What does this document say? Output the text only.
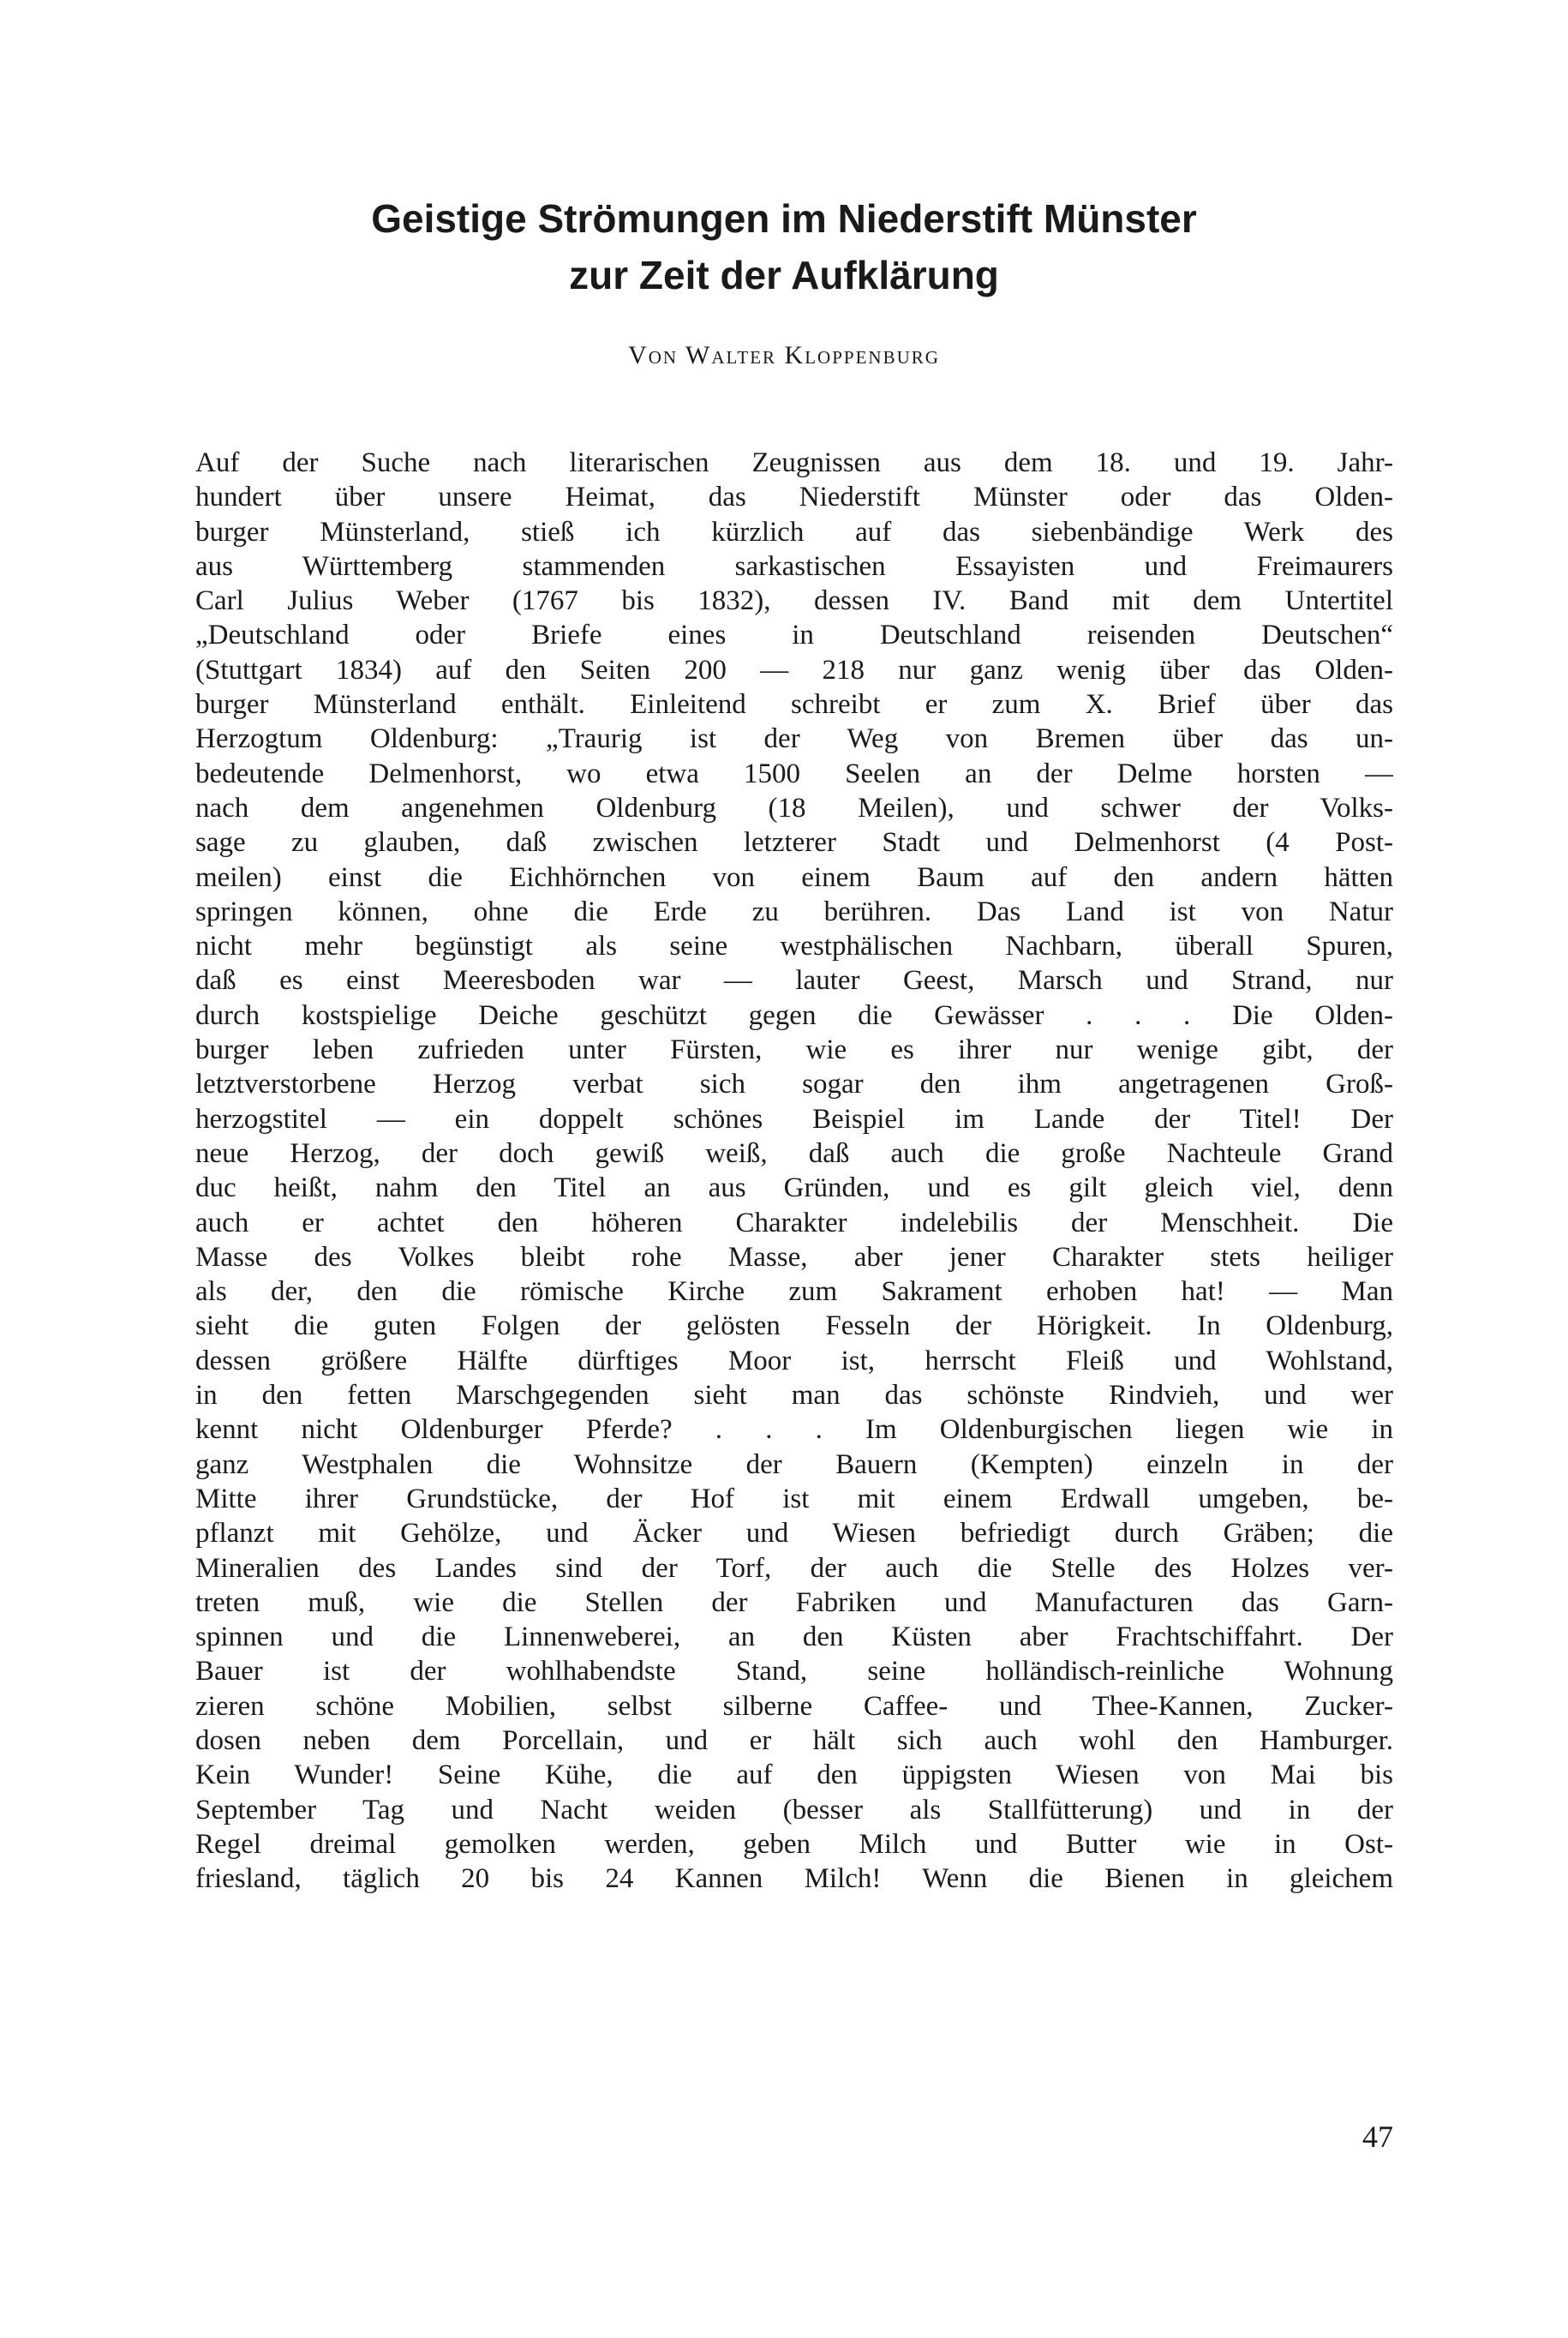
Geistige Strömungen im Niederstift Münster
zur Zeit der Aufklärung

Von Walter Kloppenburg

Auf der Suche nach literarischen Zeugnissen aus dem 18. und 19. Jahr-
hundert über unsere Heimat, das Niederstift Münster oder das Olden-
burger Münsterland, stieß ich kürzlich auf das siebenbändige Werk des
aus Württemberg stammenden sarkastischen Essayisten und Freimaurers
Carl Julius Weber (1767 bis 1832), dessen IV. Band mit dem Untertitel
„Deutschland oder Briefe eines in Deutschland reisenden Deutschen“
(Stuttgart 1834) auf den Seiten 200 — 218 nur ganz wenig über das Olden-
burger Münsterland enthält. Einleitend schreibt er zum X. Brief über das
Herzogtum Oldenburg: „Traurig ist der Weg von Bremen über das un-
bedeutende Delmenhorst, wo etwa 1500 Seelen an der Delme horsten —
nach dem angenehmen Oldenburg (18 Meilen), und schwer der Volks-
sage zu glauben, daß zwischen letzterer Stadt und Delmenhorst (4 Post-
meilen) einst die Eichhörnchen von einem Baum auf den andern hätten
springen können, ohne die Erde zu berühren. Das Land ist von Natur
nicht mehr begünstigt als seine westphälischen Nachbarn, überall Spuren,
daß es einst Meeresboden war — lauter Geest, Marsch und Strand, nur
durch kostspielige Deiche geschützt gegen die Gewässer . . . Die Olden-
burger leben zufrieden unter Fürsten, wie es ihrer nur wenige gibt, der
letztverstorbene Herzog verbat sich sogar den ihm angetragenen Groß-
herzogstitel — ein doppelt schönes Beispiel im Lande der Titel! Der
neue Herzog, der doch gewiß weiß, daß auch die große Nachteule Grand
duc heißt, nahm den Titel an aus Gründen, und es gilt gleich viel, denn
auch er achtet den höheren Charakter indelebilis der Menschheit. Die
Masse des Volkes bleibt rohe Masse, aber jener Charakter stets heiliger
als der, den die römische Kirche zum Sakrament erhoben hat! — Man
sieht die guten Folgen der gelösten Fesseln der Hörigkeit. In Oldenburg,
dessen größere Hälfte dürftiges Moor ist, herrscht Fleiß und Wohlstand,
in den fetten Marschgegenden sieht man das schönste Rindvieh, und wer
kennt nicht Oldenburger Pferde? . . . Im Oldenburgischen liegen wie in
ganz Westphalen die Wohnsitze der Bauern (Kempten) einzeln in der
Mitte ihrer Grundstücke, der Hof ist mit einem Erdwall umgeben, be-
pflanzt mit Gehölze, und Äcker und Wiesen befriedigt durch Gräben; die
Mineralien des Landes sind der Torf, der auch die Stelle des Holzes ver-
treten muß, wie die Stellen der Fabriken und Manufacturen das Garn-
spinnen und die Linnenweberei, an den Küsten aber Frachtschiffahrt. Der
Bauer ist der wohlhabendste Stand, seine holländisch-reinliche Wohnung
zieren schöne Mobilien, selbst silberne Caffee- und Thee-Kannen, Zucker-
dosen neben dem Porcellain, und er hält sich auch wohl den Hamburger.
Kein Wunder! Seine Kühe, die auf den üppigsten Wiesen von Mai bis
September Tag und Nacht weiden (besser als Stallfütterung) und in der
Regel dreimal gemolken werden, geben Milch und Butter wie in Ost-
friesland, täglich 20 bis 24 Kannen Milch! Wenn die Bienen in gleichem

47
